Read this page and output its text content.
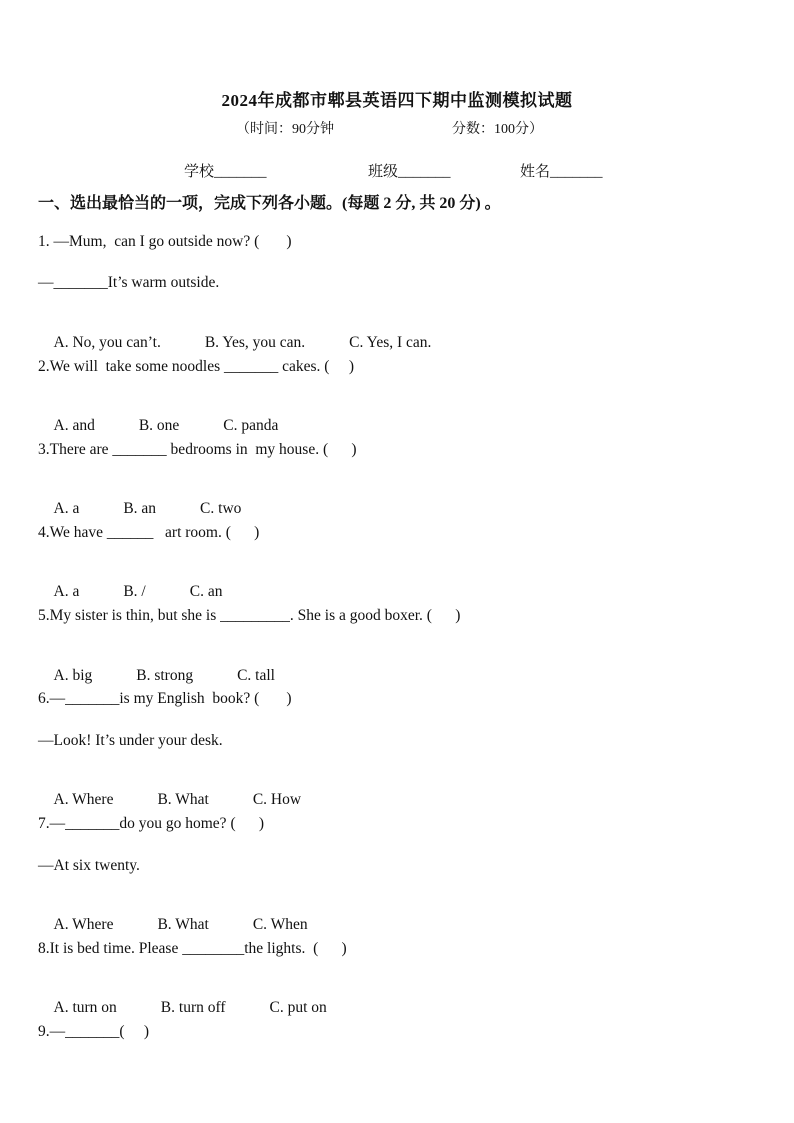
2024年成都市郫县英语四下期中监测模拟试题
（时间：90分钟	分数：100分）
学校_______	班级_______	姓名_______
一、选出最恰当的一项，完成下列各小题。(每题 2 分, 共 20 分) 。
1. —Mum,  can I go outside now? (       )
—_______It’s warm outside.

A. No, you can’t.	B. Yes, you can.	C. Yes, I can.

2.We will  take some noodles _______ cakes. (     )

A. and	B. one	C. panda

3.There are _______ bedrooms in  my house. (      )

A. a	B. an	C. two

4.We have ______   art room. (      )

A. a	B. /	C. an

5.My sister is thin, but she is _________. She is a good boxer. (      )

A. big	B. strong	C. tall

6.—_______is my English  book? (       )
—Look! It’s under your desk.

A. Where	B. What	C. How

7.—_______do you go home? (      )
—At six twenty.

A. Where	B. What	C. When

8.It is bed time. Please ________the lights.  (      )

A. turn on	B. turn off	C. put on

9.—_______(     )
